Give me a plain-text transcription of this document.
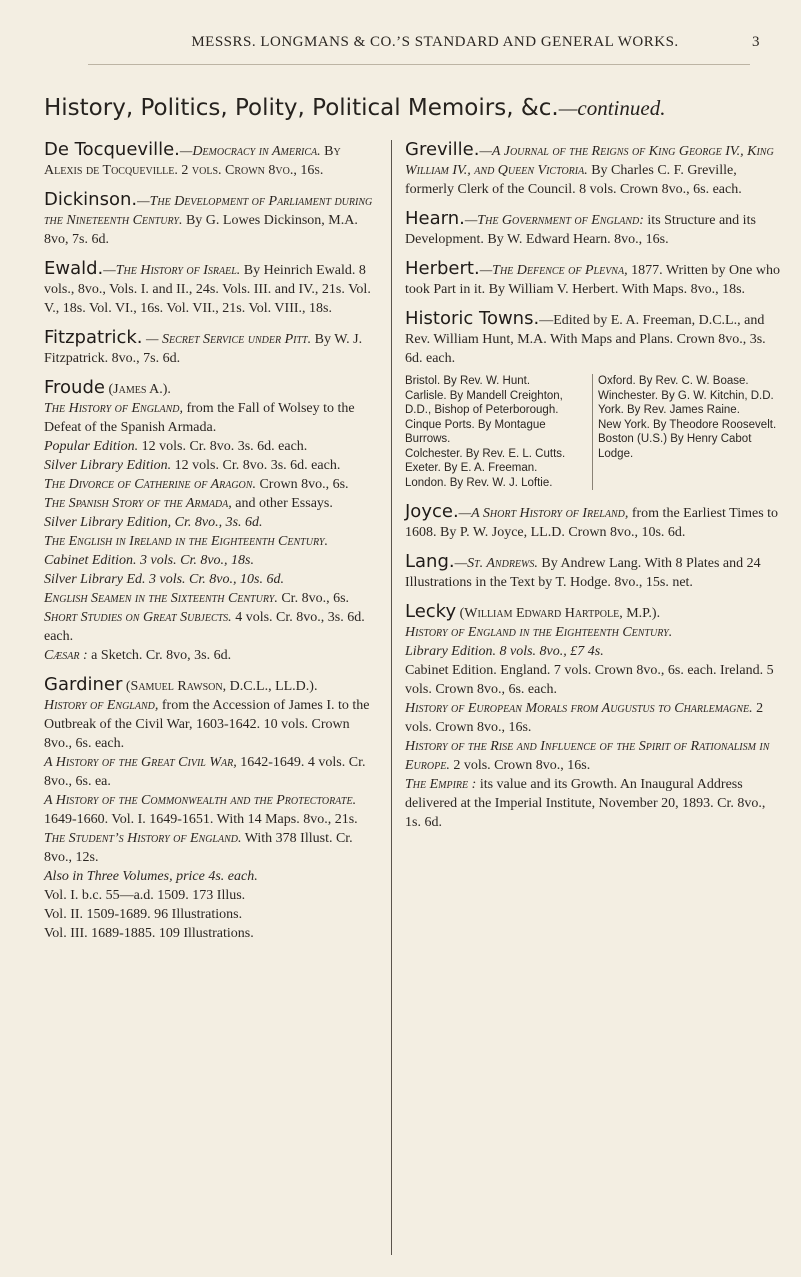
MESSRS. LONGMANS & CO.’S STANDARD AND GENERAL WORKS.	3
History, Politics, Polity, Political Memoirs, &c.—continued.

De Tocqueville.—Democracy in America. By Alexis de Tocqueville. 2 vols. Crown 8vo., 16s.

Dickinson.—The Development of Parliament during the Nineteenth Century. By G. Lowes Dickinson, M.A. 8vo, 7s. 6d.

Ewald.—The History of Israel. By Heinrich Ewald. 8 vols., 8vo., Vols. I. and II., 24s. Vols. III. and IV., 21s. Vol. V., 18s. Vol. VI., 16s. Vol. VII., 21s. Vol. VIII., 18s.

Fitzpatrick. — Secret Service under Pitt. By W. J. Fitzpatrick. 8vo., 7s. 6d.

Froude (James A.).

The History of England, from the Fall of Wolsey to the Defeat of the Spanish Armada.

Popular Edition. 12 vols. Cr. 8vo. 3s. 6d. each.

Silver Library Edition. 12 vols. Cr. 8vo. 3s. 6d. each.

The Divorce of Catherine of Aragon. Crown 8vo., 6s.

The Spanish Story of the Armada, and other Essays.

Silver Library Edition, Cr. 8vo., 3s. 6d.

The English in Ireland in the Eighteenth Century.

Cabinet Edition. 3 vols. Cr. 8vo., 18s.

Silver Library Ed. 3 vols. Cr. 8vo., 10s. 6d.

English Seamen in the Sixteenth Century. Cr. 8vo., 6s.

Short Studies on Great Subjects. 4 vols. Cr. 8vo., 3s. 6d. each.

Cæsar : a Sketch. Cr. 8vo, 3s. 6d.

Gardiner (Samuel Rawson, D.C.L., LL.D.).

History of England, from the Accession of James I. to the Outbreak of the Civil War, 1603-1642. 10 vols. Crown 8vo., 6s. each.

A History of the Great Civil War, 1642-1649. 4 vols. Cr. 8vo., 6s. ea.

A History of the Commonwealth and the Protectorate. 1649-1660. Vol. I. 1649-1651. With 14 Maps. 8vo., 21s.

The Student’s History of England. With 378 Illust. Cr. 8vo., 12s.

Also in Three Volumes, price 4s. each.

Vol. I. b.c. 55—a.d. 1509. 173 Illus.

Vol. II. 1509-1689. 96 Illustrations.

Vol. III. 1689-1885. 109 Illustrations.

Greville.—A Journal of the Reigns of King George IV., King William IV., and Queen Victoria. By Charles C. F. Greville, formerly Clerk of the Council. 8 vols. Crown 8vo., 6s. each.

Hearn.—The Government of England: its Structure and its Development. By W. Edward Hearn. 8vo., 16s.

Herbert.—The Defence of Plevna, 1877. Written by One who took Part in it. By William V. Herbert. With Maps. 8vo., 18s.

Historic Towns.—Edited by E. A. Freeman, D.C.L., and Rev. William Hunt, M.A. With Maps and Plans. Crown 8vo., 3s. 6d. each.

Bristol. By Rev. W. Hunt.
Carlisle. By Mandell Creighton, D.D., Bishop of Peterborough.
Cinque Ports. By Montague Burrows.
Colchester. By Rev. E. L. Cutts.
Exeter. By E. A. Freeman.
London. By Rev. W. J. Loftie.
Oxford. By Rev. C. W. Boase.
Winchester. By G. W. Kitchin, D.D.
York. By Rev. James Raine.
New York. By Theodore Roosevelt.
Boston (U.S.) By Henry Cabot Lodge.

Joyce.—A Short History of Ireland, from the Earliest Times to 1608. By P. W. Joyce, LL.D. Crown 8vo., 10s. 6d.

Lang.—St. Andrews. By Andrew Lang. With 8 Plates and 24 Illustrations in the Text by T. Hodge. 8vo., 15s. net.

Lecky (William Edward Hartpole, M.P.).

History of England in the Eighteenth Century.

Library Edition. 8 vols. 8vo., £7 4s.

Cabinet Edition. England. 7 vols. Crown 8vo., 6s. each. Ireland. 5 vols. Crown 8vo., 6s. each.

History of European Morals from Augustus to Charlemagne. 2 vols. Crown 8vo., 16s.

History of the Rise and Influence of the Spirit of Rationalism in Europe. 2 vols. Crown 8vo., 16s.

The Empire : its value and its Growth. An Inaugural Address delivered at the Imperial Institute, November 20, 1893. Cr. 8vo., 1s. 6d.
